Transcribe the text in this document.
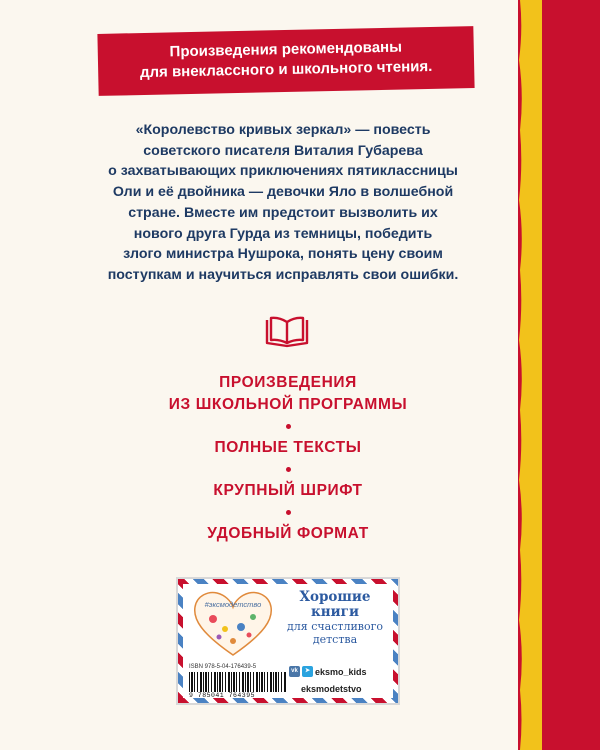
Произведения рекомендованы
для внеклассного и школьного чтения.
«Королевство кривых зеркал» — повесть
советского писателя Виталия Губарева
о захватывающих приключениях пятиклассницы
Оли и её двойника — девочки Яло в волшебной
стране. Вместе им предстоит вызволить их
нового друга Гурда из темницы, победить
злого министра Нушрока, понять цену своим
поступкам и научиться исправлять свои ошибки.
ПРОИЗВЕДЕНИЯ
ИЗ ШКОЛЬНОЙ ПРОГРАММЫ
ПОЛНЫЕ ТЕКСТЫ
КРУПНЫЙ ШРИФТ
УДОБНЫЙ ФОРМАТ
#эксмодетство	Хорошие
книги
для счастливого
детства
ISBN 978-5-04-176439-5
9 785041 764395
vk	➤ eksmo_kids
eksmodetstvo
